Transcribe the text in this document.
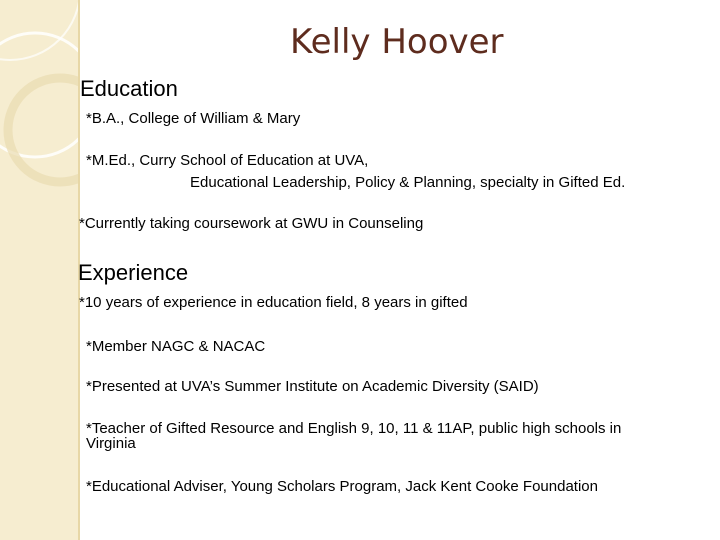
Kelly Hoover
Education
*B.A., College of William & Mary
*M.Ed., Curry School of Education at UVA,
Educational Leadership, Policy & Planning, specialty in Gifted Ed.
*Currently taking coursework at GWU in Counseling
Experience
*10 years of experience in education field, 8 years in gifted
*Member NAGC & NACAC
*Presented at UVA’s Summer Institute on Academic Diversity (SAID)
*Teacher of Gifted Resource and English 9, 10, 11 & 11AP, public high schools in
Virginia
*Educational Adviser, Young Scholars Program, Jack Kent Cooke Foundation
